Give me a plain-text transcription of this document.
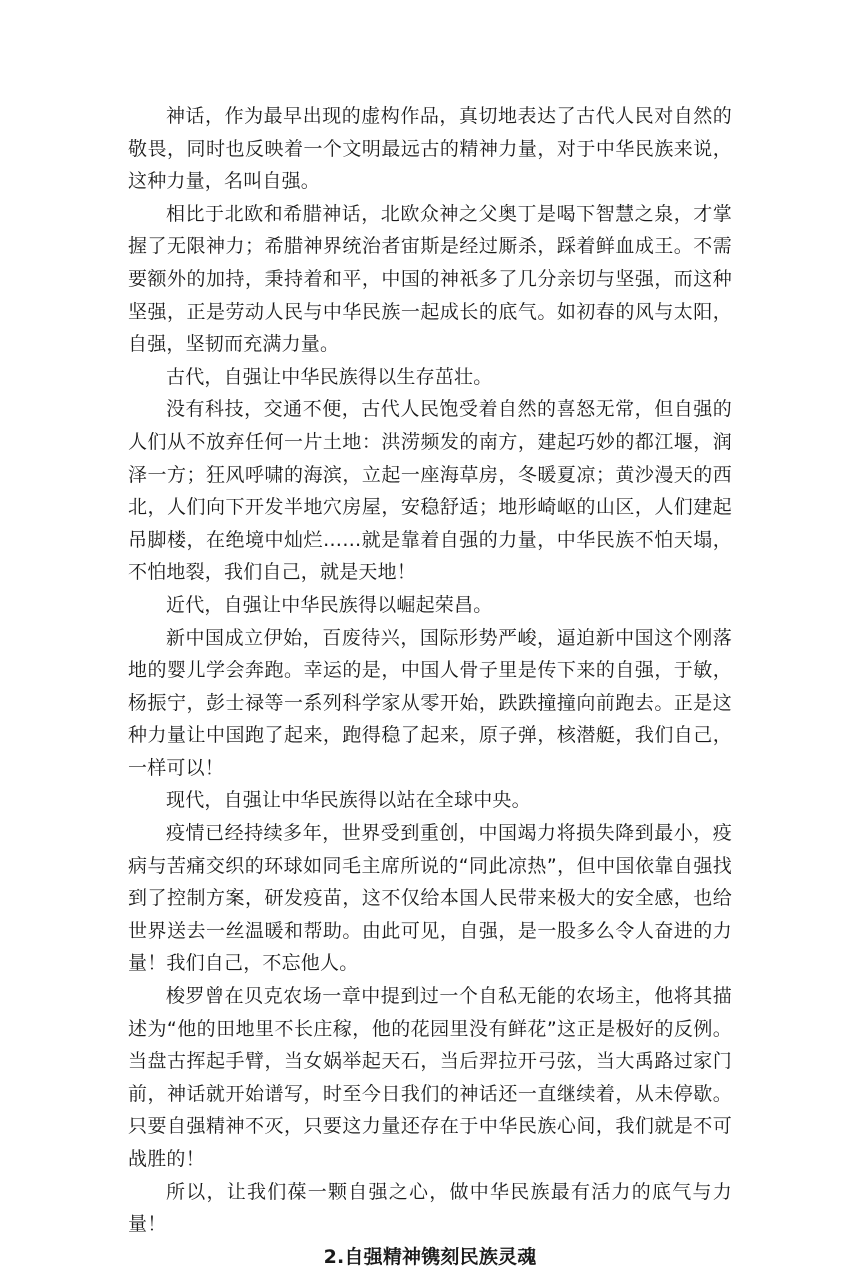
神话，作为最早出现的虚构作品，真切地表达了古代人民对自然的敬畏，同时也反映着一个文明最远古的精神力量，对于中华民族来说，这种力量，名叫自强。

相比于北欧和希腊神话，北欧众神之父奥丁是喝下智慧之泉，才掌握了无限神力；希腊神界统治者宙斯是经过厮杀，踩着鲜血成王。不需要额外的加持，秉持着和平，中国的神祇多了几分亲切与坚强，而这种坚强，正是劳动人民与中华民族一起成长的底气。如初春的风与太阳，自强，坚韧而充满力量。

古代，自强让中华民族得以生存茁壮。

没有科技，交通不便，古代人民饱受着自然的喜怒无常，但自强的人们从不放弃任何一片土地：洪涝频发的南方，建起巧妙的都江堰，润泽一方；狂风呼啸的海滨，立起一座海草房，冬暖夏凉；黄沙漫天的西北，人们向下开发半地穴房屋，安稳舒适；地形崎岖的山区，人们建起吊脚楼，在绝境中灿烂……就是靠着自强的力量，中华民族不怕天塌，不怕地裂，我们自己，就是天地！

近代，自强让中华民族得以崛起荣昌。

新中国成立伊始，百废待兴，国际形势严峻，逼迫新中国这个刚落地的婴儿学会奔跑。幸运的是，中国人骨子里是传下来的自强，于敏，杨振宁，彭士禄等一系列科学家从零开始，跌跌撞撞向前跑去。正是这种力量让中国跑了起来，跑得稳了起来，原子弹，核潜艇，我们自己，一样可以！

现代，自强让中华民族得以站在全球中央。

疫情已经持续多年，世界受到重创，中国竭力将损失降到最小，疫病与苦痛交织的环球如同毛主席所说的“同此凉热”，但中国依靠自强找到了控制方案，研发疫苗，这不仅给本国人民带来极大的安全感，也给世界送去一丝温暖和帮助。由此可见，自强，是一股多么令人奋进的力量！我们自己，不忘他人。

梭罗曾在贝克农场一章中提到过一个自私无能的农场主，他将其描述为“他的田地里不长庄稼，他的花园里没有鲜花”这正是极好的反例。当盘古挥起手臂，当女娲举起天石，当后羿拉开弓弦，当大禹路过家门前，神话就开始谱写，时至今日我们的神话还一直继续着，从未停歇。只要自强精神不灭，只要这力量还存在于中华民族心间，我们就是不可战胜的！

所以，让我们葆一颗自强之心，做中华民族最有活力的底气与力量！

2.自强精神镌刻民族灵魂
